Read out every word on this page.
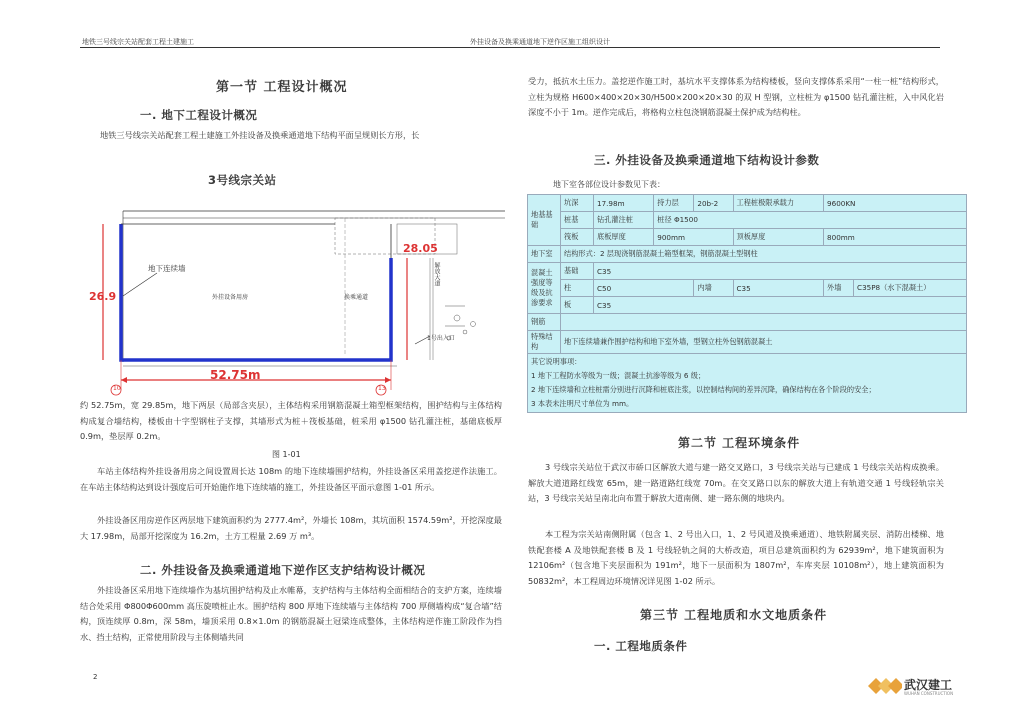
地铁三号线宗关站配套工程土建施工	外挂设备及换乘通道地下逆作区施工组织设计
第一节 工程设计概况
一. 地下工程设计概况
地铁三号线宗关站配套工程土建施工外挂设备及换乘通道地下结构平面呈规则长方形，长
3号线宗关站
地下连续墙
外挂设备用房	换乘通道
26.9
28.05
52.75m
10	13
解放大道
1号出入口
约 52.75m，宽 29.85m，地下两层（局部含夹层），主体结构采用钢筋混凝土箱型框架结构，围护结构与主体结构构成复合墙结构，楼板由十字型钢柱子支撑，其墙形式为桩＋筏板基础，桩采用 φ1500 钻孔灌注桩，基础底板厚 0.9m，垫层厚 0.2m。
图 1-01
车站主体结构外挂设备用房之间设置周长达 108m 的地下连续墙围护结构，外挂设备区采用盖挖逆作法施工。在车站主体结构达到设计强度后可开始施作地下连续墙的施工，外挂设备区平面示意图 1-01 所示。
外挂设备区用房逆作区两层地下建筑面积约为 2777.4m²，外墙长 108m，其坑面积 1574.59m²，开挖深度最大 17.98m，局部开挖深度为 16.2m，土方工程量 2.69 万 m³。
二. 外挂设备及换乘通道地下逆作区支护结构设计概况
外挂设备区采用地下连续墙作为基坑围护结构及止水帷幕，支护结构与主体结构全面相结合的支护方案，连续墙结合处采用 Φ800Φ600mm 高压旋喷桩止水。围护结构 800 厚地下连续墙与主体结构 700 厚侧墙构成“复合墙”结构，顶连续厚 0.8m，深 58m，墙顶采用 0.8×1.0m 的钢筋混凝土冠梁连成整体，主体结构逆作施工阶段作为挡水、挡土结构，正常使用阶段与主体侧墙共同
2
受力，抵抗水土压力。盖挖逆作施工时，基坑水平支撑体系为结构楼板，竖向支撑体系采用“一柱一桩”结构形式，立柱为规格 H600×400×20×30/H500×200×20×30 的双 H 型钢，立柱桩为 φ1500 钻孔灌注桩，入中风化岩深度不小于 1m。逆作完成后，将格构立柱包浇钢筋混凝土保护成为结构柱。
三. 外挂设备及换乘通道地下结构设计参数
地下室各部位设计参数见下表：
地基基础	坑深	17.98m	持力层	20b-2	工程桩极限承载力	9600KN	
	桩基	钻孔灌注桩	桩径 Φ1500				
	筏板	底板厚度	900mm		顶板厚度	800mm	
地下室	结构形式：2 层现浇钢筋混凝土箱型框架，钢筋混凝土型钢柱						
混凝土强度等级及抗渗要求	基础	C35					
	柱	C50		内墙	C35	外墙	C35P8（水下混凝土）
	板	C35					
钢筋							
特殊结构	地下连续墙兼作围护结构和地下室外墙，型钢立柱外包钢筋混凝土						

其它说明事项：
1 地下工程防水等级为一级；混凝土抗渗等级为 6 级；
2 地下连续墙和立柱桩需分别进行沉降和桩底注浆，以控制结构间的差异沉降，确保结构在各个阶段的安全；
3 本表未注明尺寸单位为 mm。							
第二节 工程环境条件
3 号线宗关站位于武汉市硚口区解放大道与建一路交叉路口，3 号线宗关站与已建成 1 号线宗关站构成换乘。解放大道道路红线宽 65m，建一路道路红线宽 70m。在交叉路口以东的解放大道上有轨道交通 1 号线轻轨宗关站，3 号线宗关站呈南北向布置于解放大道南侧、建一路东侧的地块内。
本工程为宗关站南侧附属（包含 1、2 号出入口，1、2 号风道及换乘通道）、地铁附属夹层、消防出楼梯、地铁配套楼 A 及地铁配套楼 B 及 1 号线轻轨之间的大桥改造，项目总建筑面积约为 62939m²，地下建筑面积为 12106m²（包含地下夹层面积为 191m²，地下一层面积为 1807m²，车库夹层 10108m²），地上建筑面积为 50832m²，本工程周边环境情况详见图 1-02 所示。
第三节 工程地质和水文地质条件
一. 工程地质条件
武汉建工
WUHAN CONSTRUCTION
